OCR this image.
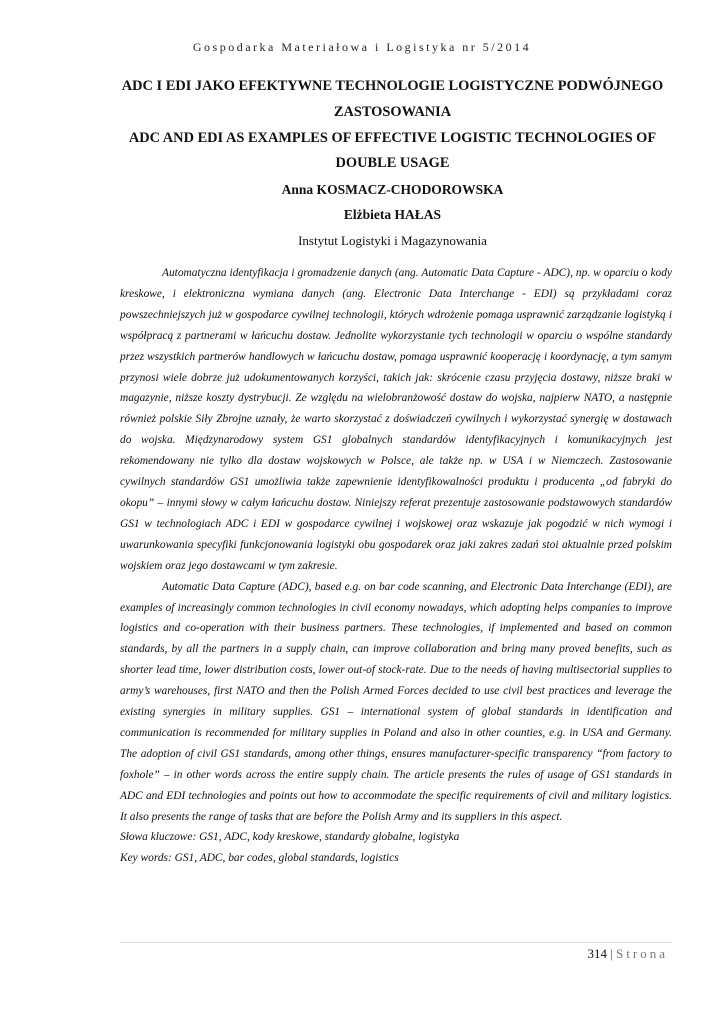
Gospodarka Materiałowa i Logistyka nr 5/2014

ADC I EDI JAKO EFEKTYWNE TECHNOLOGIE LOGISTYCZNE PODWÓJNEGO

ZASTOSOWANIA

ADC AND EDI AS EXAMPLES OF EFFECTIVE LOGISTIC TECHNOLOGIES OF

DOUBLE USAGE

Anna KOSMACZ-CHODOROWSKA

Elżbieta HAŁAS

Instytut Logistyki i Magazynowania

Automatyczna identyfikacja i gromadzenie danych (ang. Automatic Data Capture - ADC), np. w oparciu o kody kreskowe, i elektroniczna wymiana danych (ang. Electronic Data Interchange - EDI) są przykładami coraz powszechniejszych już w gospodarce cywilnej technologii, których wdrożenie pomaga usprawnić zarządzanie logistyką i współpracą z partnerami w łańcuchu dostaw. Jednolite wykorzystanie tych technologii w oparciu o wspólne standardy przez wszystkich partnerów handlowych w łańcuchu dostaw, pomaga usprawnić kooperację i koordynację, a tym samym przynosi wiele dobrze już udokumentowanych korzyści, takich jak: skrócenie czasu przyjęcia dostawy, niższe braki w magazynie, niższe koszty dystrybucji. Ze względu na wielobranżowość dostaw do wojska, najpierw NATO, a następnie również polskie Siły Zbrojne uznały, że warto skorzystać z doświadczeń cywilnych i wykorzystać synergię w dostawach do wojska. Międzynarodowy system GS1 globalnych standardów identyfikacyjnych i komunikacyjnych jest rekomendowany nie tylko dla dostaw wojskowych w Polsce, ale także np. w USA i w Niemczech. Zastosowanie cywilnych standardów GS1 umożliwia także zapewnienie identyfikowalności produktu i producenta „od fabryki do okopu” – innymi słowy w całym łańcuchu dostaw. Niniejszy referat prezentuje zastosowanie podstawowych standardów GS1 w technologiach ADC i EDI w gospodarce cywilnej i wojskowej oraz wskazuje jak pogodzić w nich wymogi i uwarunkowania specyfiki funkcjonowania logistyki obu gospodarek oraz jaki zakres zadań stoi aktualnie przed polskim wojskiem oraz jego dostawcami w tym zakresie.

Automatic Data Capture (ADC), based e.g. on bar code scanning, and Electronic Data Interchange (EDI), are examples of increasingly common technologies in civil economy nowadays, which adopting helps companies to improve logistics and co-operation with their business partners. These technologies, if implemented and based on common standards, by all the partners in a supply chain, can improve collaboration and bring many proved benefits, such as shorter lead time, lower distribution costs, lower out-of stock-rate. Due to the needs of having multisectorial supplies to army’s warehouses, first NATO and then the Polish Armed Forces decided to use civil best practices and leverage the existing synergies in military supplies. GS1 – international system of global standards in identification and communication is recommended for military supplies in Poland and also in other counties, e.g. in USA and Germany. The adoption of civil GS1 standards, among other things, ensures manufacturer-specific transparency “from factory to foxhole” – in other words across the entire supply chain. The article presents the rules of usage of GS1 standards in ADC and EDI technologies and points out how to accommodate the specific requirements of civil and military logistics. It also presents the range of tasks that are before the Polish Army and its suppliers in this aspect.

Słowa kluczowe: GS1, ADC, kody kreskowe, standardy globalne, logistyka

Key words: GS1, ADC, bar codes, global standards, logistics

314 | Strona
